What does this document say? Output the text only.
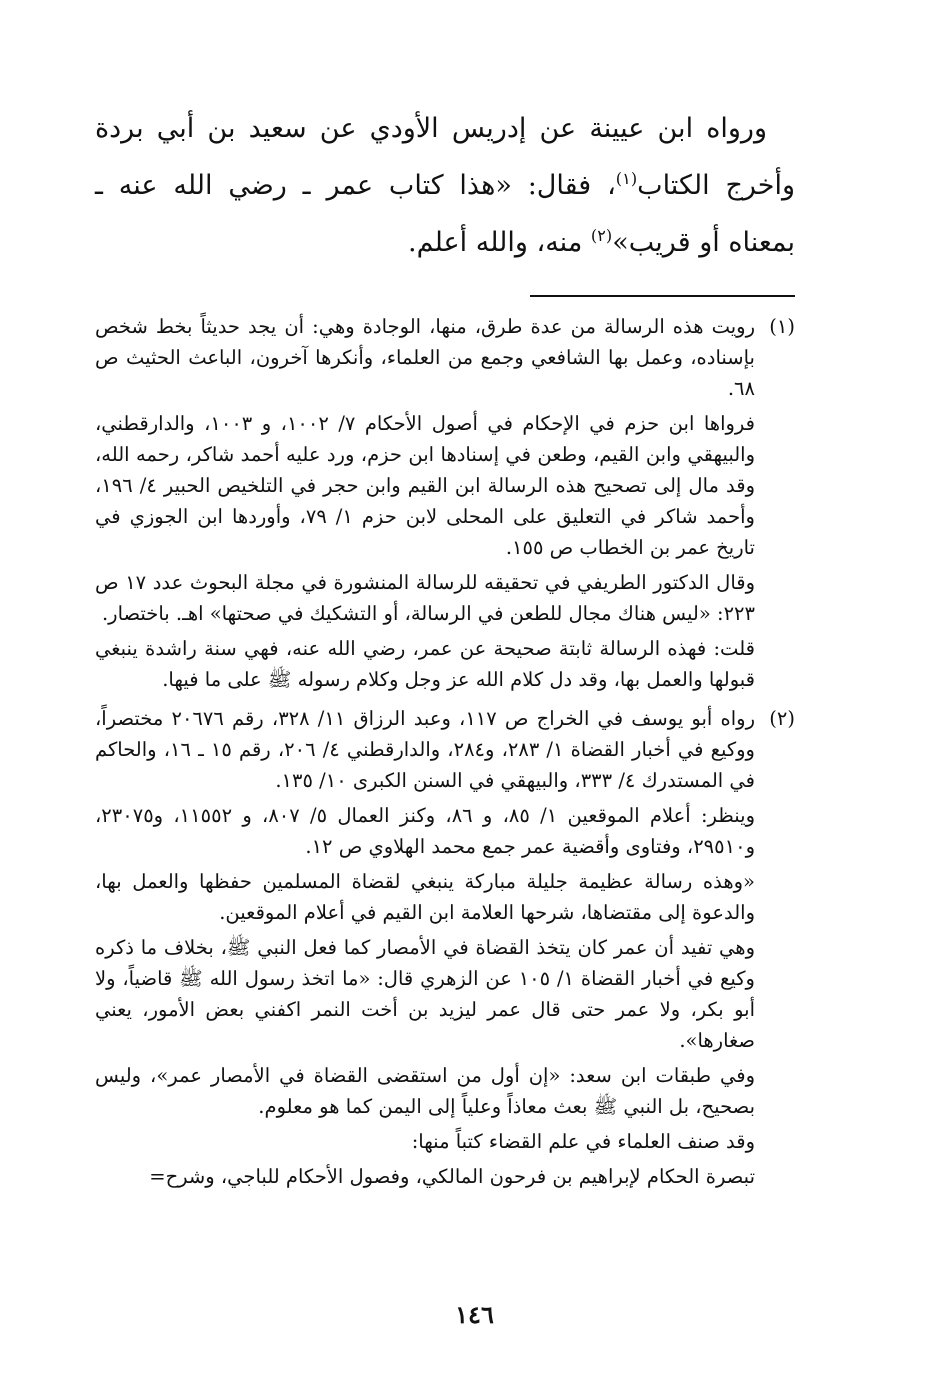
ورواه ابن عيينة عن إدريس الأودي عن سعيد بن أبي بردة وأخرج الكتاب$^{(١)}$، فقال: «هذا كتاب عمر ـ رضي الله عنه ـ بمعناه أو قريب»$^{(٢)}$ منه، والله أعلم.

(١)

رويت هذه الرسالة من عدة طرق، منها، الوجادة وهي: أن يجد حديثاً بخط شخص بإسناده، وعمل بها الشافعي وجمع من العلماء، وأنكرها آخرون، الباعث الحثيث ص ٦٨.

فرواها ابن حزم في الإحكام في أصول الأحكام ٧/ ١٠٠٢، و ١٠٠٣، والدارقطني، والبيهقي وابن القيم، وطعن في إسنادها ابن حزم، ورد عليه أحمد شاكر، رحمه الله، وقد مال إلى تصحيح هذه الرسالة ابن القيم وابن حجر في التلخيص الحبير ٤/ ١٩٦، وأحمد شاكر في التعليق على المحلى لابن حزم ١/ ٧٩، وأوردها ابن الجوزي في تاريخ عمر بن الخطاب ص ١٥٥.

وقال الدكتور الطريفي في تحقيقه للرسالة المنشورة في مجلة البحوث عدد ١٧ ص ٢٢٣: «ليس هناك مجال للطعن في الرسالة، أو التشكيك في صحتها» اهـ. باختصار.

قلت: فهذه الرسالة ثابتة صحيحة عن عمر، رضي الله عنه، فهي سنة راشدة ينبغي قبولها والعمل بها، وقد دل كلام الله عز وجل وكلام رسوله ﷺ على ما فيها.

(٢)

رواه أبو يوسف في الخراج ص ١١٧، وعبد الرزاق ١١/ ٣٢٨، رقم ٢٠٦٧٦ مختصراً، ووكيع في أخبار القضاة ١/ ٢٨٣، و٢٨٤، والدارقطني ٤/ ٢٠٦، رقم ١٥ ـ ١٦، والحاكم في المستدرك ٤/ ٣٣٣، والبيهقي في السنن الكبرى ١٠/ ١٣٥.

وينظر: أعلام الموقعين ١/ ٨٥، و ٨٦، وكنز العمال ٥/ ٨٠٧، و ١١٥٥٢، و٢٣٠٧٥، و٢٩٥١٠، وفتاوى وأقضية عمر جمع محمد الهلاوي ص ١٢.

«وهذه رسالة عظيمة جليلة مباركة ينبغي لقضاة المسلمين حفظها والعمل بها، والدعوة إلى مقتضاها، شرحها العلامة ابن القيم في أعلام الموقعين.

وهي تفيد أن عمر كان يتخذ القضاة في الأمصار كما فعل النبي ﷺ، بخلاف ما ذكره وكيع في أخبار القضاة ١/ ١٠٥ عن الزهري قال: «ما اتخذ رسول الله ﷺ قاضياً، ولا أبو بكر، ولا عمر حتى قال عمر ليزيد بن أخت النمر اكفني بعض الأمور، يعني صغارها».

وفي طبقات ابن سعد: «إن أول من استقضى القضاة في الأمصار عمر»، وليس بصحيح، بل النبي ﷺ بعث معاذاً وعلياً إلى اليمن كما هو معلوم.

وقد صنف العلماء في علم القضاء كتباً منها:

تبصرة الحكام لإبراهيم بن فرحون المالكي، وفصول الأحكام للباجي، وشرح=

١٤٦
